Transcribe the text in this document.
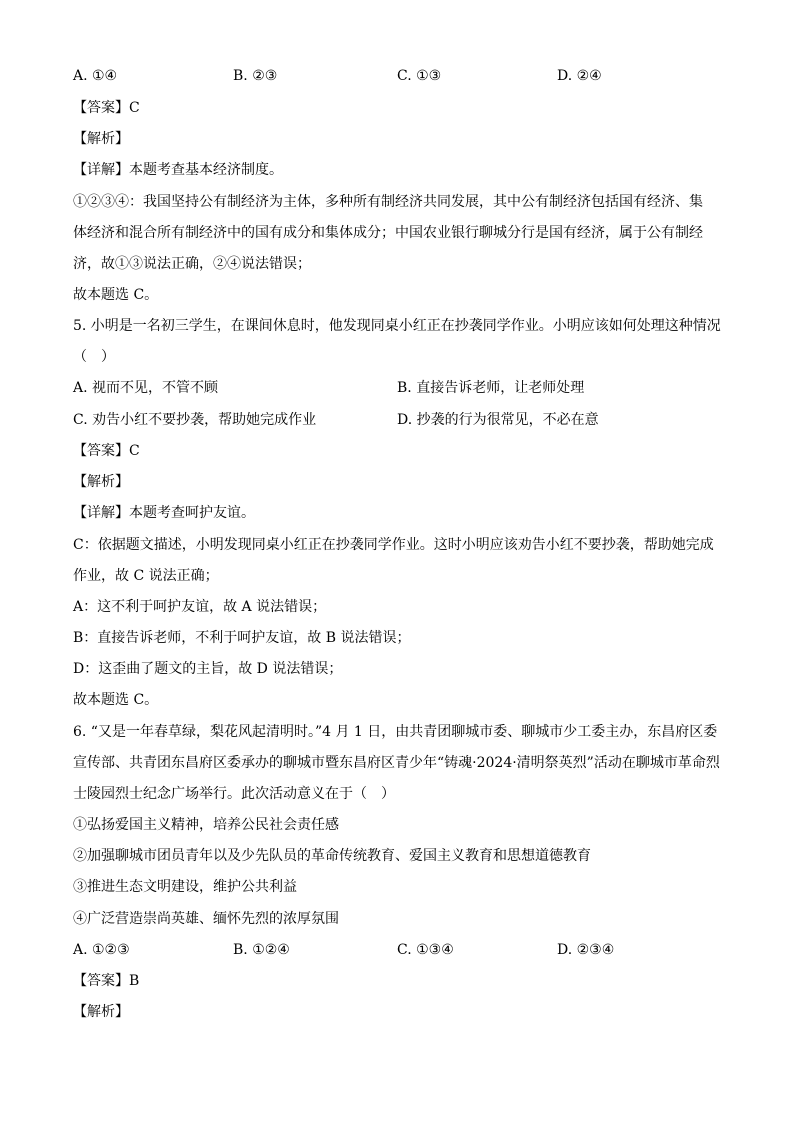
A. ①④	B. ②③	C. ①③	D. ②④
【答案】C
【解析】
【详解】本题考查基本经济制度。
①②③④：我国坚持公有制经济为主体，多种所有制经济共同发展，其中公有制经济包括国有经济、集
体经济和混合所有制经济中的国有成分和集体成分；中国农业银行聊城分行是国有经济，属于公有制经
济，故①③说法正确，②④说法错误；
故本题选 C。
5. 小明是一名初三学生，在课间休息时，他发现同桌小红正在抄袭同学作业。小明应该如何处理这种情况
（　）
A. 视而不见，不管不顾	B. 直接告诉老师，让老师处理
C. 劝告小红不要抄袭，帮助她完成作业	D. 抄袭的行为很常见，不必在意
【答案】C
【解析】
【详解】本题考查呵护友谊。
C：依据题文描述，小明发现同桌小红正在抄袭同学作业。这时小明应该劝告小红不要抄袭，帮助她完成
作业，故 C 说法正确；
A：这不利于呵护友谊，故 A 说法错误；
B：直接告诉老师，不利于呵护友谊，故 B 说法错误；
D：这歪曲了题文的主旨，故 D 说法错误；
故本题选 C。
6. “又是一年春草绿，梨花风起清明时。”4 月 1 日，由共青团聊城市委、聊城市少工委主办，东昌府区委
宣传部、共青团东昌府区委承办的聊城市暨东昌府区青少年“铸魂·2024·清明祭英烈”活动在聊城市革命烈
士陵园烈士纪念广场举行。此次活动意义在于（　）
①弘扬爱国主义精神，培养公民社会责任感
②加强聊城市团员青年以及少先队员的革命传统教育、爱国主义教育和思想道德教育
③推进生态文明建设，维护公共利益
④广泛营造崇尚英雄、缅怀先烈的浓厚氛围
A. ①②③	B. ①②④	C. ①③④	D. ②③④
【答案】B
【解析】
